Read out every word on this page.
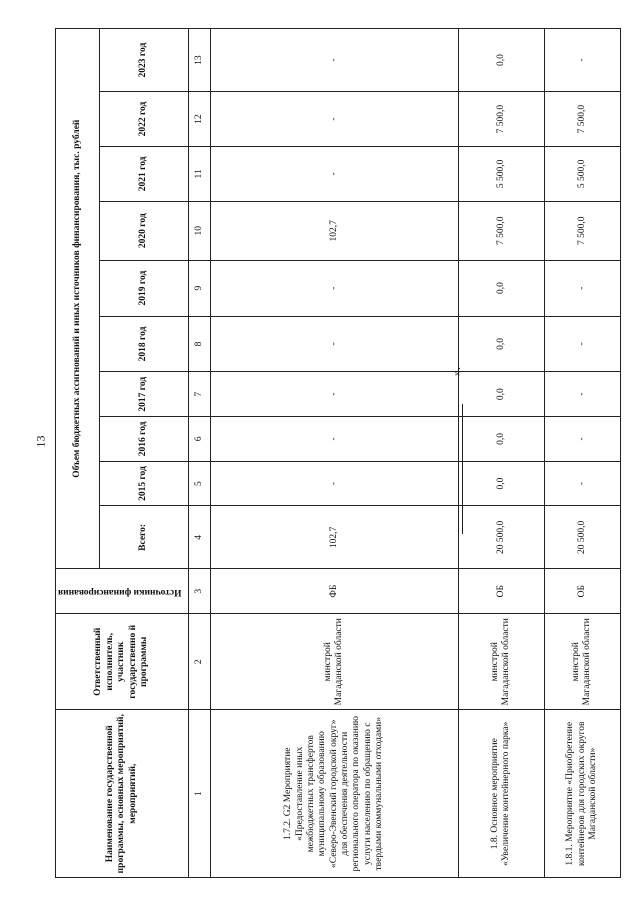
13
Наименование государственной программы, основных мероприятий, мероприятий,	Ответственный исполнитель, участник государственно й программы	Источники финансирования	Объем бюджетных ассигнований и иных источников финансирования, тыс. рублей									
			Всего:	2015 год	2016 год	2017 год	2018 год	2019 год	2020 год	2021 год	2022 год	2023 год
1	2	3	4	5	6	7	8	9	10	11	12	13
1.7.2. G2 Мероприятие «Предоставление иных межбюджетных трансфертов муниципальному образованию «Северо-Эвенский городской округ» для обеспечения деятельности регионального оператора по оказанию услуги населению по обращению с твердыми коммунальными отходами»	минстрой Магаданской области	ФБ	102,7	-	-	-	-	-	102,7	-	-	-
1.8. Основное мероприятие «Увеличение контейнерного парка»	минстрой Магаданской области	ОБ	20 500,0	0,0	0,0	0,0	0,0	0,0	7 500,0	5 500,0	7 500,0	0,0
1.8.1. Мероприятие «Приобретение контейнеров для городских округов Магаданской области»	минстрой Магаданской области	ОБ	20 500,0	-	-	-	-	-	7 500,0	5 500,0	7 500,0	-
».
